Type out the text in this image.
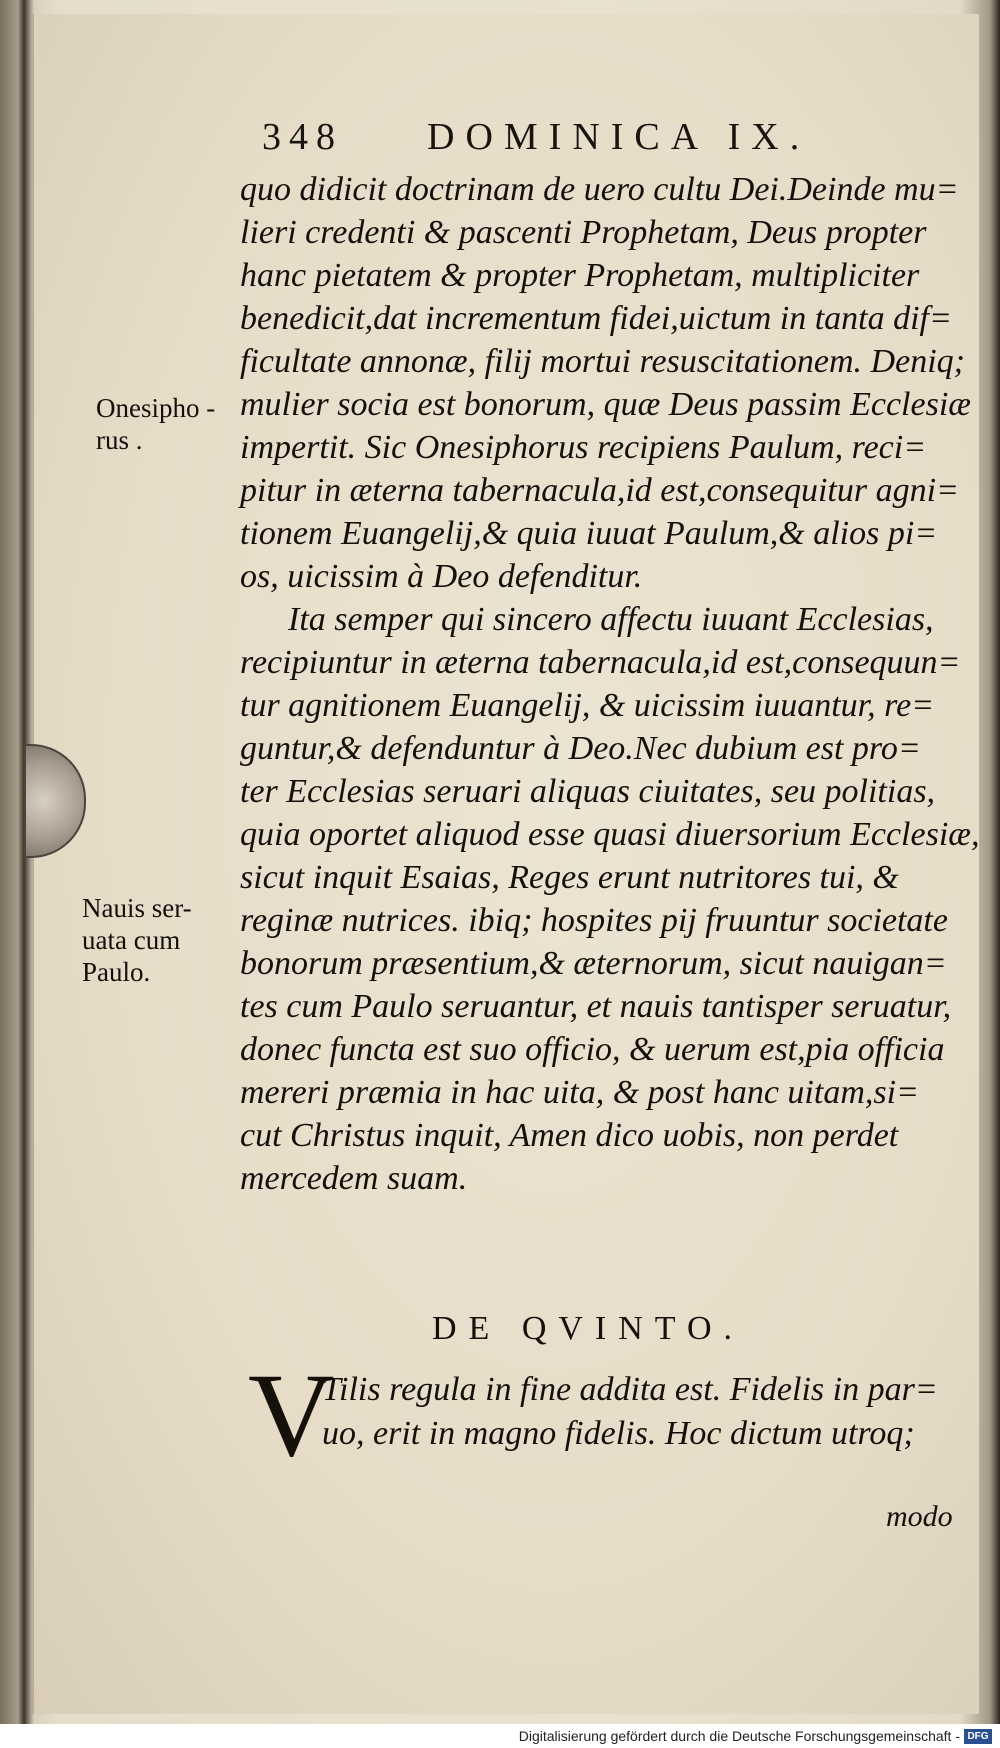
348 DOMINICA IX.
Onesipho -
rus .
Nauis ser-
uata cum
Paulo.
quo didicit doctrinam de uero cultu Dei.Deinde mu=
lieri credenti & pascenti Prophetam, Deus propter
hanc pietatem & propter Prophetam, multipliciter
benedicit,dat incrementum fidei,uictum in tanta dif=
ficultate annonæ, filij mortui resuscitationem. Deniq;
mulier socia est bonorum, quæ Deus passim Ecclesiæ
impertit. Sic Onesiphorus recipiens Paulum, reci=
pitur in æterna tabernacula,id est,consequitur agni=
tionem Euangelij,& quia iuuat Paulum,& alios pi=
os, uicissim à Deo defenditur.
Ita semper qui sincero affectu iuuant Ecclesias,
recipiuntur in æterna tabernacula,id est,consequun=
tur agnitionem Euangelij, & uicissim iuuantur, re=
guntur,& defenduntur à Deo.Nec dubium est pro=
ter Ecclesias seruari aliquas ciuitates, seu politias,
quia oportet aliquod esse quasi diuersorium Ecclesiæ,
sicut inquit Esaias, Reges erunt nutritores tui, &
reginæ nutrices. ibiq; hospites pij fruuntur societate
bonorum præsentium,& æternorum, sicut nauigan=
tes cum Paulo seruantur, et nauis tantisper seruatur,
donec functa est suo officio, & uerum est,pia officia
mereri præmia in hac uita, & post hanc uitam,si=
cut Christus inquit, Amen dico uobis, non perdet
mercedem suam.
DE QVINTO.
V
Tilis regula in fine addita est. Fidelis in par=
uo, erit in magno fidelis. Hoc dictum utroq;
modo
Digitalisierung gefördert durch die Deutsche Forschungsgemeinschaft - DFG
